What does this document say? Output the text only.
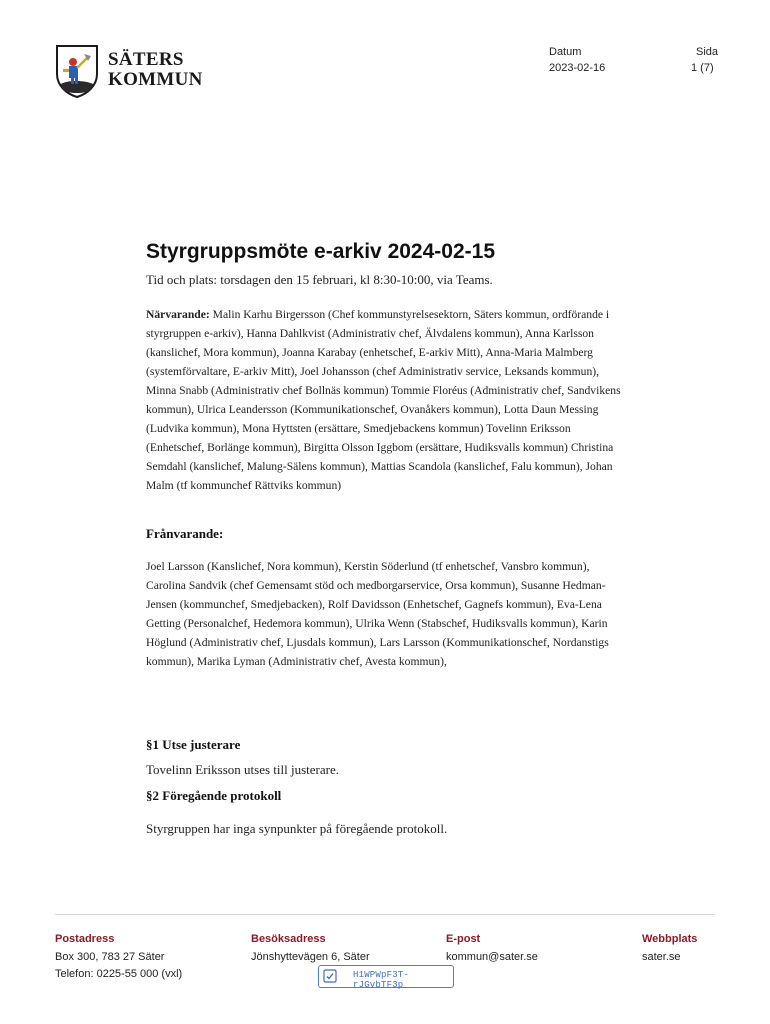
SÄTERS
KOMMUN
Datum
2023-02-16
Sida
1 (7)
Styrgruppsmöte e-arkiv 2024-02-15
Tid och plats: torsdagen den 15 februari, kl 8:30-10:00, via Teams.
Närvarande: Malin Karhu Birgersson (Chef kommunstyrelsesektorn, Säters kommun, ordförande i styrgruppen e-arkiv), Hanna Dahlkvist (Administrativ chef, Älvdalens kommun), Anna Karlsson (kanslichef, Mora kommun), Joanna Karabay (enhetschef, E-arkiv Mitt), Anna-Maria Malmberg (systemförvaltare, E-arkiv Mitt), Joel Johansson (chef Administrativ service, Leksands kommun), Minna Snabb (Administrativ chef Bollnäs kommun) Tommie Floréus (Administrativ chef, Sandvikens kommun), Ulrica Leandersson (Kommunikationschef, Ovanåkers kommun), Lotta Daun Messing (Ludvika kommun), Mona Hyttsten (ersättare, Smedjebackens kommun) Tovelinn Eriksson (Enhetschef, Borlänge kommun), Birgitta Olsson Iggbom (ersättare, Hudiksvalls kommun) Christina Semdahl (kanslichef, Malung-Sälens kommun), Mattias Scandola (kanslichef, Falu kommun), Johan Malm (tf kommunchef Rättviks kommun)
Frånvarande:
Joel Larsson (Kanslichef, Nora kommun), Kerstin Söderlund (tf enhetschef, Vansbro kommun), Carolina Sandvik (chef Gemensamt stöd och medborgarservice, Orsa kommun), Susanne Hedman-Jensen (kommunchef, Smedjebacken), Rolf Davidsson (Enhetschef, Gagnefs kommun), Eva-Lena Getting (Personalchef, Hedemora kommun), Ulrika Wenn (Stabschef, Hudiksvalls kommun), Karin Höglund (Administrativ chef, Ljusdals kommun), Lars Larsson (Kommunikationschef, Nordanstigs kommun), Marika Lyman (Administrativ chef, Avesta kommun),
§1 Utse justerare
Tovelinn Eriksson utses till justerare.
§2 Föregående protokoll
Styrgruppen har inga synpunkter på föregående protokoll.
Postadress
Box 300, 783 27 Säter
Telefon: 0225-55 000 (vxl)
Besöksadress
Jönshyttevägen 6, Säter
E-post
kommun@sater.se
Webbplats
sater.se
H1WPWpF3T-rJGvbTF3p
